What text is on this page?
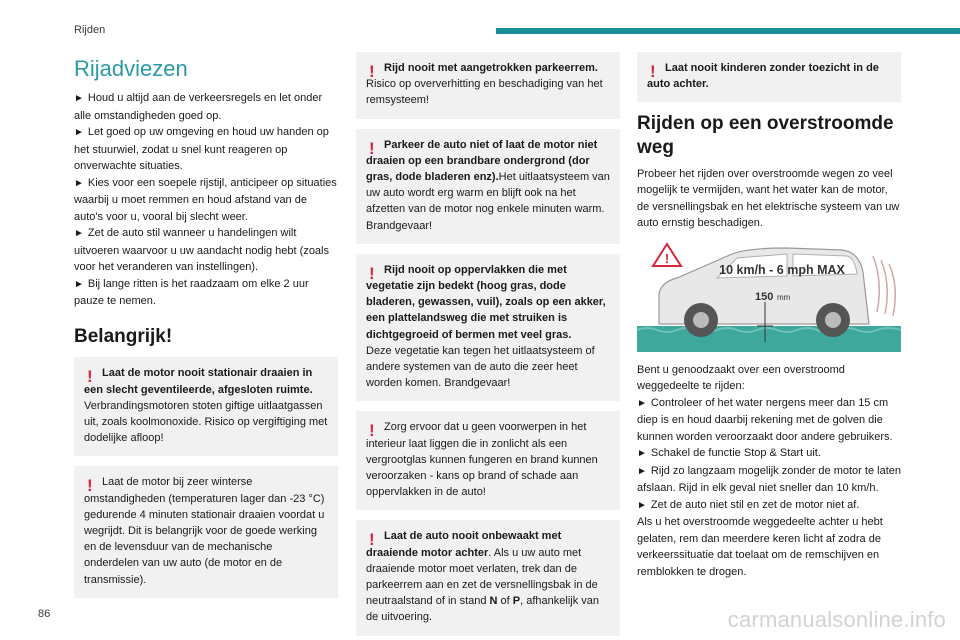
Rijden
Rijadviezen

► Houd u altijd aan de verkeersregels en let onder alle omstandigheden goed op.

► Let goed op uw omgeving en houd uw handen op het stuurwiel, zodat u snel kunt reageren op onverwachte situaties.

► Kies voor een soepele rijstijl, anticipeer op situaties waarbij u moet remmen en houd afstand van de auto's voor u, vooral bij slecht weer.

► Zet de auto stil wanneer u handelingen wilt uitvoeren waarvoor u uw aandacht nodig hebt (zoals voor het veranderen van instellingen).

► Bij lange ritten is het raadzaam om elke 2 uur pauze te nemen.

Belangrijk!
! Laat de motor nooit stationair draaien in een slecht geventileerde, afgesloten ruimte.
Verbrandingsmotoren stoten giftige uitlaatgassen uit, zoals koolmonoxide. Risico op vergiftiging met dodelijke afloop!
! Laat de motor bij zeer winterse omstandigheden (temperaturen lager dan -23 °C) gedurende 4 minuten stationair draaien voordat u wegrijdt. Dit is belangrijk voor de goede werking en de levensduur van de mechanische onderdelen van uw auto (de motor en de transmissie).
! Rijd nooit met aangetrokken parkeerrem.
Risico op oververhitting en beschadiging van het remsysteem!
! Parkeer de auto niet of laat de motor niet draaien op een brandbare ondergrond (dor gras, dode bladeren enz).Het uitlaatsysteem van uw auto wordt erg warm en blijft ook na het afzetten van de motor nog enkele minuten warm. Brandgevaar!
! Rijd nooit op oppervlakken die met vegetatie zijn bedekt (hoog gras, dode bladeren, gewassen, vuil), zoals op een akker, een plattelandsweg die met struiken is dichtgegroeid of bermen met veel gras.
Deze vegetatie kan tegen het uitlaatsysteem of andere systemen van de auto die zeer heet worden komen. Brandgevaar!
! Zorg ervoor dat u geen voorwerpen in het interieur laat liggen die in zonlicht als een vergrootglas kunnen fungeren en brand kunnen veroorzaken - kans op brand of schade aan oppervlakken in de auto!
! Laat de auto nooit onbewaakt met draaiende motor achter. Als u uw auto met draaiende motor moet verlaten, trek dan de parkeerrem aan en zet de versnellingsbak in de neutraalstand of in stand N of P, afhankelijk van de uitvoering.
! Laat nooit kinderen zonder toezicht in de auto achter.
Rijden op een overstroomde weg

Probeer het rijden over overstroomde wegen zo veel mogelijk te vermijden, want het water kan de motor, de versnellingsbak en het elektrische systeem van uw auto ernstig beschadigen.

!
10 km/h - 6 mph MAX
150 mm

Bent u genoodzaakt over een overstroomd weggedeelte te rijden:

► Controleer of het water nergens meer dan 15 cm diep is en houd daarbij rekening met de golven die kunnen worden veroorzaakt door andere gebruikers.

► Schakel de functie Stop & Start uit.

► Rijd zo langzaam mogelijk zonder de motor te laten afslaan. Rijd in elk geval niet sneller dan 10 km/h.

► Zet de auto niet stil en zet de motor niet af.

Als u het overstroomde weggedeelte achter u hebt gelaten, rem dan meerdere keren licht af zodra de verkeerssituatie dat toelaat om de remschijven en remblokken te drogen.

86	carmanualsonline.info
